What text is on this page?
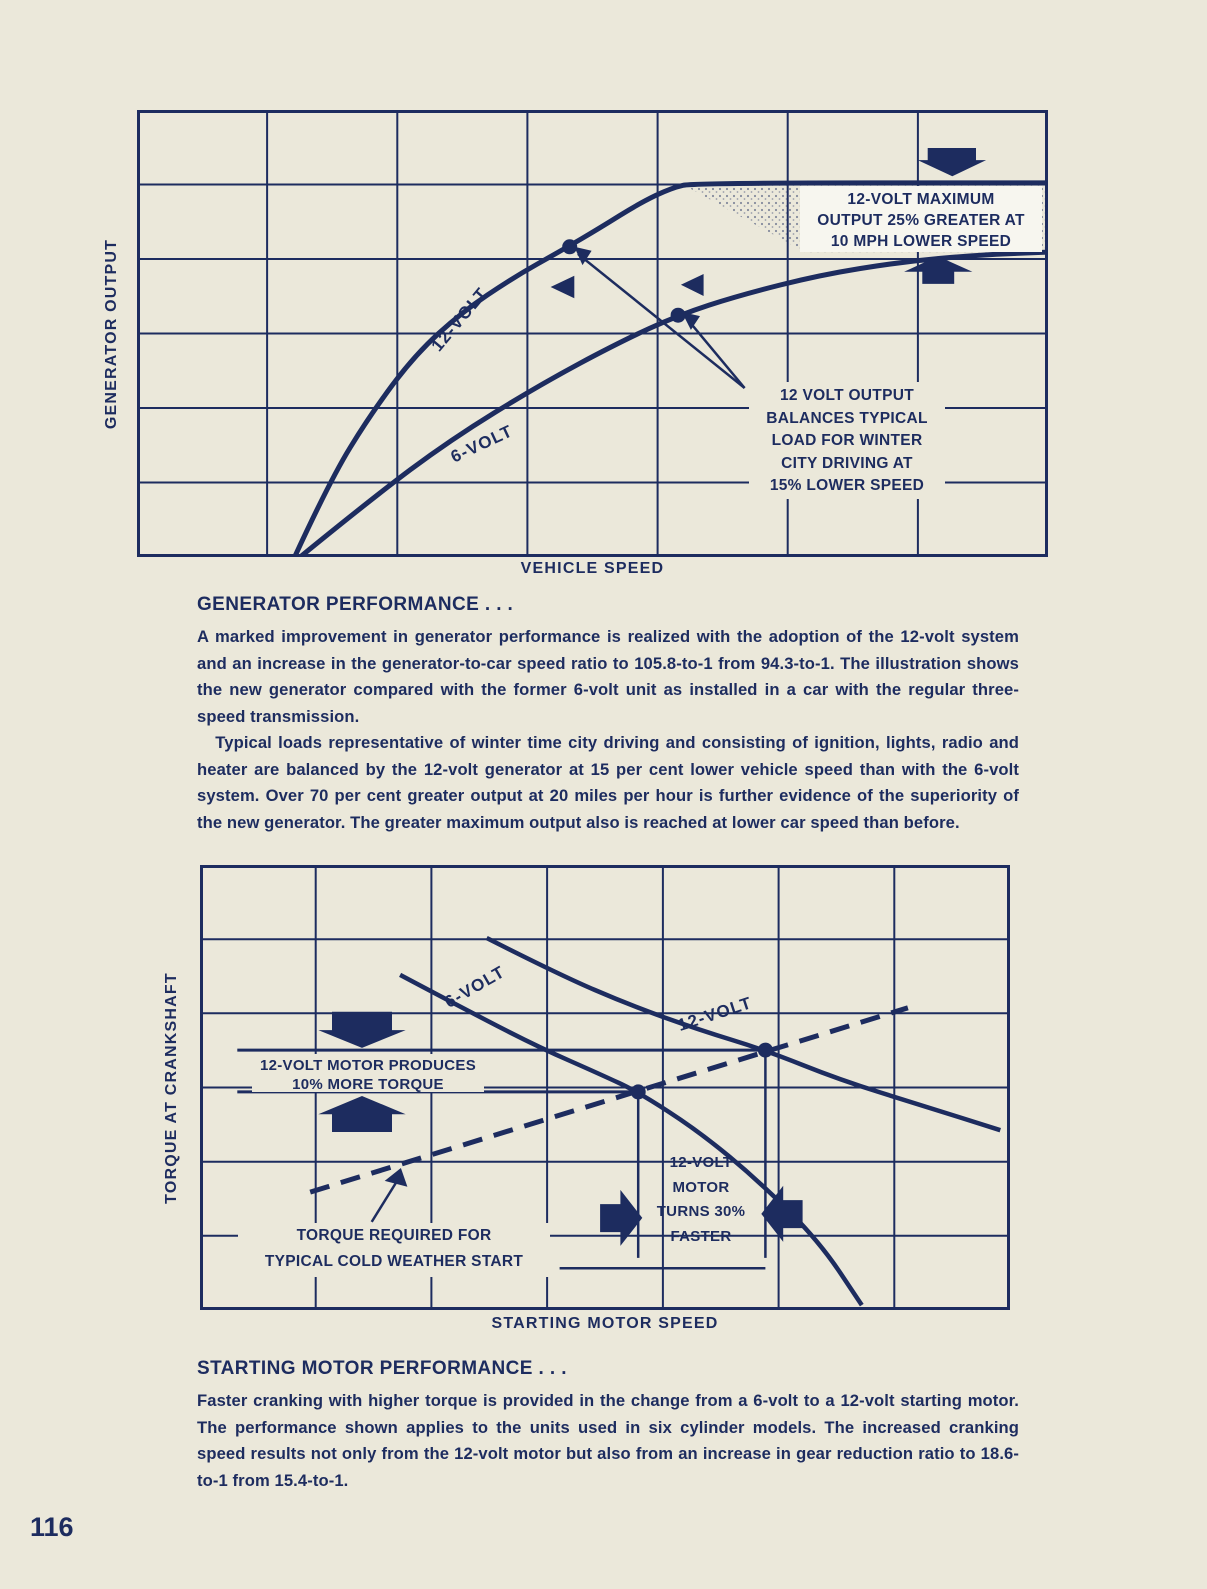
GENERATOR OUTPUT	12-VOLT
6-VOLT
12-VOLT MAXIMUM
OUTPUT 25% GREATER AT
10 MPH LOWER SPEED
12 VOLT OUTPUT
BALANCES TYPICAL
LOAD FOR WINTER
CITY DRIVING AT
15% LOWER SPEED
VEHICLE SPEED
GENERATOR PERFORMANCE . . .

A marked improvement in generator performance is realized with the adoption of the 12-volt system and an increase in the generator-to-car speed ratio to 105.8-to-1 from 94.3-to-1. The illustration shows the new generator compared with the former 6-volt unit as installed in a car with the regular three-speed transmission.

Typical loads representative of winter time city driving and consisting of ignition, lights, radio and heater are balanced by the 12-volt generator at 15 per cent lower vehicle speed than with the 6-volt system. Over 70 per cent greater output at 20 miles per hour is further evidence of the superiority of the new generator. The greater maximum output also is reached at lower car speed than before.

TORQUE AT CRANKSHAFT	6-VOLT
12-VOLT
12-VOLT MOTOR PRODUCES
10% MORE TORQUE
12-VOLT
MOTOR
TURNS 30%
FASTER
TORQUE REQUIRED FOR
TYPICAL COLD WEATHER START
STARTING MOTOR SPEED
STARTING MOTOR PERFORMANCE . . .

Faster cranking with higher torque is provided in the change from a 6-volt to a 12-volt starting motor. The performance shown applies to the units used in six cylinder models. The increased cranking speed results not only from the 12-volt motor but also from an increase in gear reduction ratio to 18.6-to-1 from 15.4-to-1.

116
